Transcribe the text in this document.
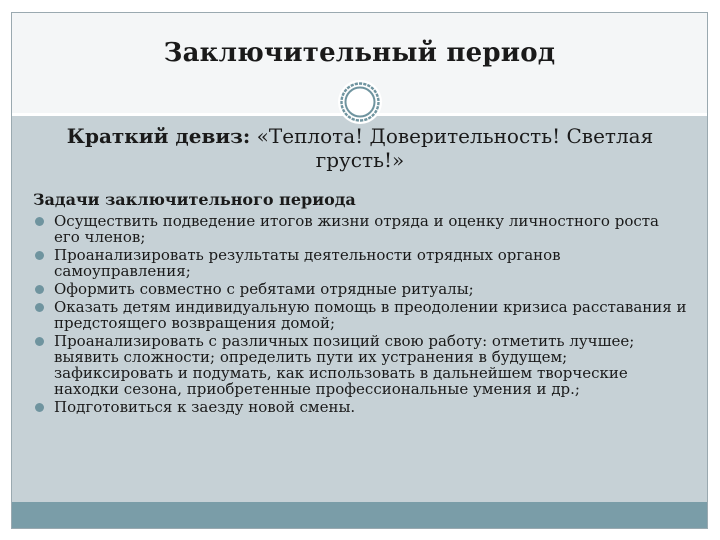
Заключительный период
Краткий девиз: «Теплота! Доверительность! Светлая грусть!»
Задачи заключительного периода
Осуществить подведение итогов жизни отряда и оценку личностного роста его членов;
Проанализировать результаты деятельности отрядных органов самоуправления;
Оформить совместно с ребятами отрядные ритуалы;
Оказать детям индивидуальную помощь в преодолении кризиса расставания и предстоящего возвращения домой;
Проанализировать с различных позиций свою работу: отметить лучшее; выявить сложности; определить пути их устранения в будущем; зафиксировать и подумать, как использовать в дальнейшем творческие находки сезона, приобретенные профессиональные умения и др.;
Подготовиться к заезду новой смены.
